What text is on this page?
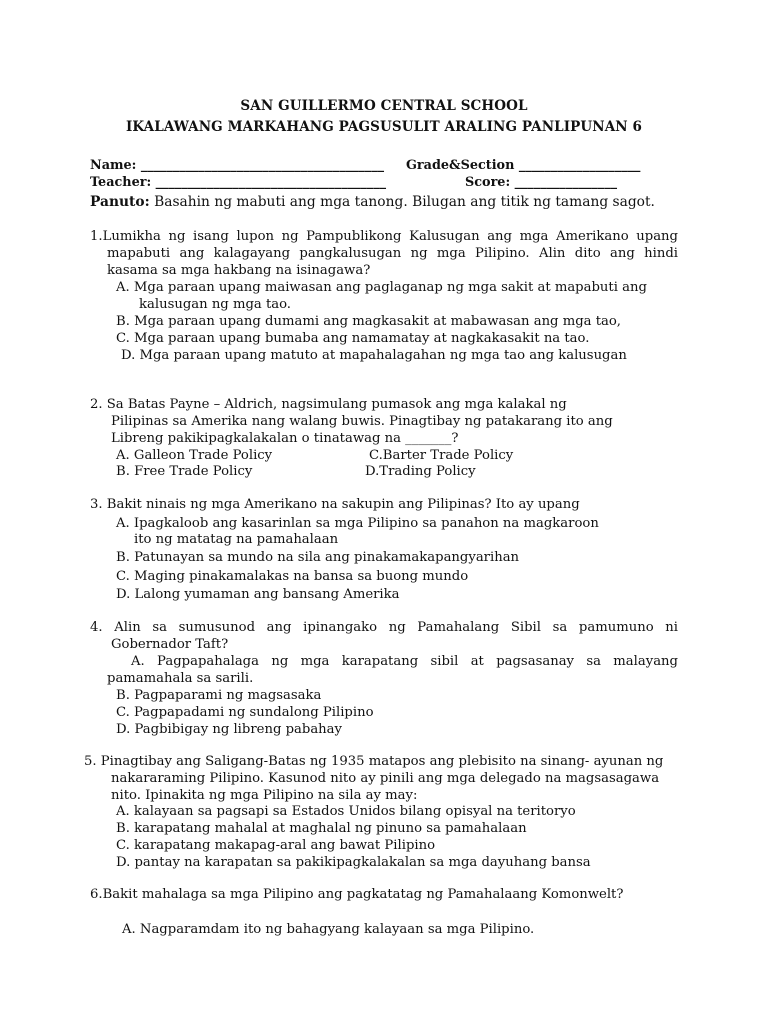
SAN GUILLERMO CENTRAL SCHOOL
IKALAWANG MARKAHANG PAGSUSULIT ARALING PANLIPUNAN 6
Name: ______________________________________ Grade&Section ___________________
Teacher: ____________________________________	Score: ________________
Panuto: Basahin ng mabuti ang mga tanong. Bilugan ang titik ng tamang sagot.
1.Lumikha ng isang lupon ng Pampublikong Kalusugan ang mga Amerikano upang
mapabuti ang kalagayang pangkalusugan ng mga Pilipino. Alin dito ang hindi
kasama sa mga hakbang na isinagawa?
A. Mga paraan upang maiwasan ang paglaganap ng mga sakit at mapabuti ang
kalusugan ng mga tao.
B. Mga paraan upang dumami ang magkasakit at mabawasan ang mga tao,
C. Mga paraan upang bumaba ang namamatay at nagkakasakit na tao.
D. Mga paraan upang matuto at mapahalagahan ng mga tao ang kalusugan
2. Sa Batas Payne – Aldrich, nagsimulang pumasok ang mga kalakal ng
Pilipinas sa Amerika nang walang buwis. Pinagtibay ng patakarang ito ang
Libreng pakikipagkalakalan o tinatawag na _______?
A. Galleon Trade Policy	C.Barter Trade Policy
B. Free Trade Policy	D.Trading Policy
3. Bakit ninais ng mga Amerikano na sakupin ang Pilipinas? Ito ay upang
A. Ipagkaloob ang kasarinlan sa mga Pilipino sa panahon na magkaroon
ito ng matatag na pamahalaan
B. Patunayan sa mundo na sila ang pinakamakapangyarihan
C. Maging pinakamalakas na bansa sa buong mundo
D. Lalong yumaman ang bansang Amerika
4. Alin sa sumusunod ang ipinangako ng Pamahalang Sibil sa pamumuno ni
Gobernador Taft?
A. Pagpapahalaga ng mga karapatang sibil at pagsasanay sa malayang
pamamahala sa sarili.
B. Pagpaparami ng magsasaka
C. Pagpapadami ng sundalong Pilipino
D. Pagbibigay ng libreng pabahay
5. Pinagtibay ang Saligang-Batas ng 1935 matapos ang plebisito na sinang- ayunan ng
nakararaming Pilipino. Kasunod nito ay pinili ang mga delegado na magsasagawa
nito. Ipinakita ng mga Pilipino na sila ay may:
A. kalayaan sa pagsapi sa Estados Unidos bilang opisyal na teritoryo
B. karapatang mahalal at maghalal ng pinuno sa pamahalaan
C. karapatang makapag-aral ang bawat Pilipino
D. pantay na karapatan sa pakikipagkalakalan sa mga dayuhang bansa
6.Bakit mahalaga sa mga Pilipino ang pagkatatag ng Pamahalaang Komonwelt?
A. Nagparamdam ito ng bahagyang kalayaan sa mga Pilipino.
